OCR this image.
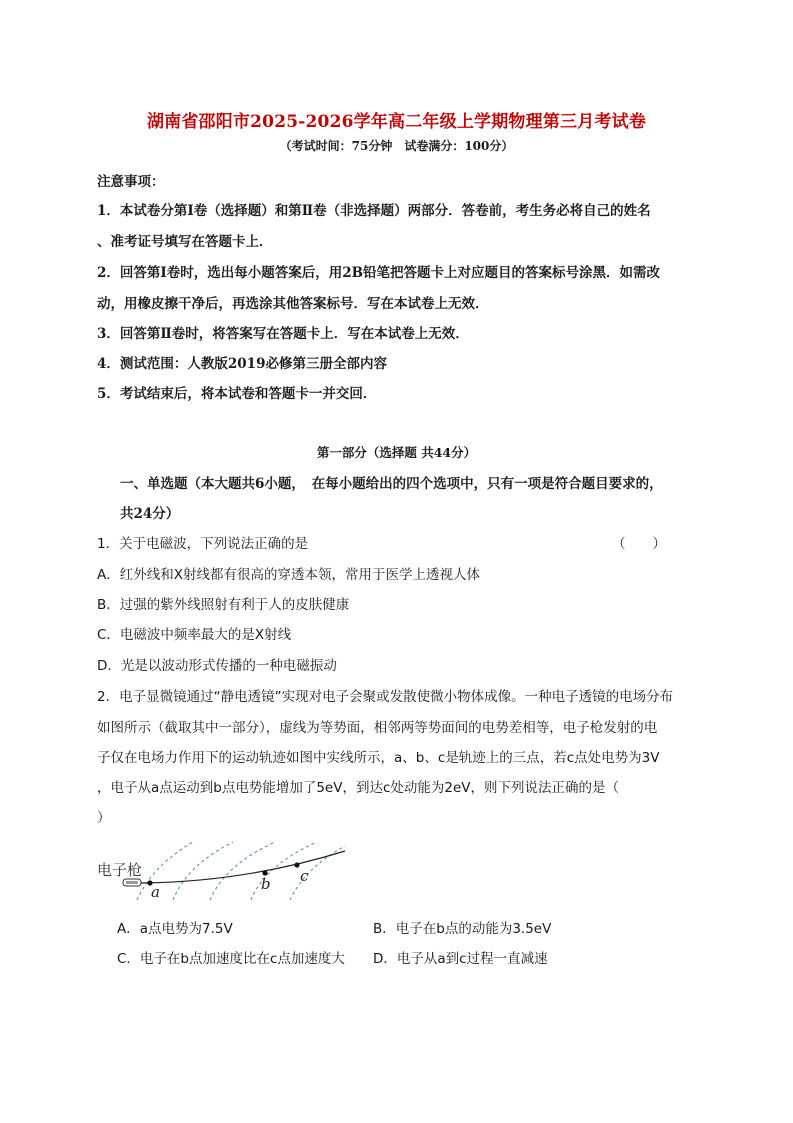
湖南省邵阳市2025-2026学年高二年级上学期物理第三月考试卷
（考试时间：75分钟　试卷满分：100分）
注意事项：
1．本试卷分第Ⅰ卷（选择题）和第Ⅱ卷（非选择题）两部分．答卷前，考生务必将自己的姓名
、准考证号填写在答题卡上．
2．回答第Ⅰ卷时，选出每小题答案后，用2B铅笔把答题卡上对应题目的答案标号涂黑．如需改
动，用橡皮擦干净后，再选涂其他答案标号．写在本试卷上无效．
3．回答第Ⅱ卷时，将答案写在答题卡上．写在本试卷上无效．
4．测试范围：人教版2019必修第三册全部内容
5．考试结束后，将本试卷和答题卡一并交回．
第一部分（选择题 共44分）
一、单选题（本大题共6小题，　在每小题给出的四个选项中，只有一项是符合题目要求的，
共24分）
1．关于电磁波，下列说法正确的是	（　　）
A．红外线和X射线都有很高的穿透本领，常用于医学上透视人体
B．过强的紫外线照射有利于人的皮肤健康
C．电磁波中频率最大的是X射线
D．光是以波动形式传播的一种电磁振动
2．电子显微镜通过“静电透镜”实现对电子会聚或发散使微小物体成像。一种电子透镜的电场分布
如图所示（截取其中一部分），虚线为等势面，相邻两等势面间的电势差相等，电子枪发射的电
子仅在电场力作用下的运动轨迹如图中实线所示，a、b、c是轨迹上的三点，若c点处电势为3V
，电子从a点运动到b点电势能增加了5eV，到达c处动能为2eV，则下列说法正确的是（
）
电子枪
a	b c
A．a点电势为7.5V	B．电子在b点的动能为3.5eV
C．电子在b点加速度比在c点加速度大 D．电子从a到c过程一直减速
